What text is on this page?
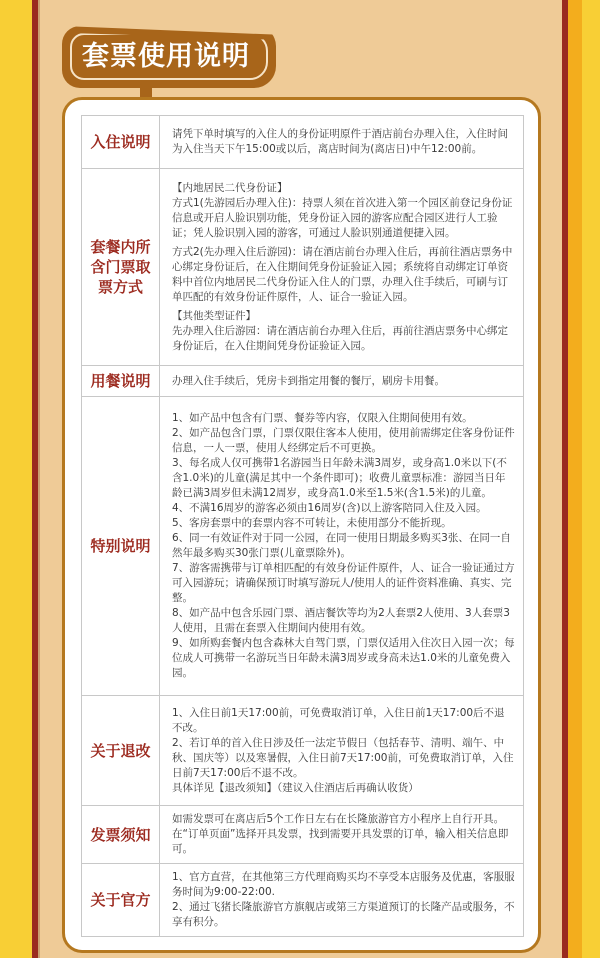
套票使用说明
入住说明	请凭下单时填写的入住人的身份证明原件于酒店前台办理入住，入住时间为入住当天下午15:00或以后，离店时间为(离店日)中午12:00前。

套餐内所含门票取票方式	【内地居民二代身份证】
方式1(先游园后办理入住)：持票人须在首次进入第一个园区前登记身份证信息或开启人脸识别功能，凭身份证入园的游客应配合园区进行人工验证；凭人脸识别入园的游客，可通过人脸识别通道便捷入园。
方式2(先办理入住后游园)：请在酒店前台办理入住后，再前往酒店票务中心绑定身份证后，在入住期间凭身份证验证入园；系统将自动绑定订单资料中首位内地居民二代身份证入住人的门票，办理入住手续后，可刷与订单匹配的有效身份证件原件，人、证合一验证入园。
【其他类型证件】
先办理入住后游园：请在酒店前台办理入住后，再前往酒店票务中心绑定身份证后，在入住期间凭身份证验证入园。

用餐说明	办理入住手续后，凭房卡到指定用餐的餐厅，刷房卡用餐。

特别说明	
1、如产品中包含有门票、餐券等内容，仅限入住期间使用有效。
2、如产品包含门票，门票仅限住客本人使用，使用前需绑定住客身份证件信息，一人一票，使用人经绑定后不可更换。
3、每名成人仅可携带1名游园当日年龄未满3周岁，或身高1.0米以下(不含1.0米)的儿童(满足其中一个条件即可)；收费儿童票标准：游园当日年龄已满3周岁但未满12周岁，或身高1.0米至1.5米(含1.5米)的儿童。
4、不满16周岁的游客必须由16周岁(含)以上游客陪同入住及入园。
5、客房套票中的套票内容不可转让，未使用部分不能折现。
6、同一有效证件对于同一公园，在同一使用日期最多购买3张、在同一自然年最多购买30张门票(儿童票除外)。
7、游客需携带与订单相匹配的有效身份证件原件，人、证合一验证通过方可入园游玩；请确保预订时填写游玩人/使用人的证件资料准确、真实、完整。
8、如产品中包含乐园门票、酒店餐饮等均为2人套票2人使用、3人套票3人使用，且需在套票入住期间内使用有效。
9、如所购套餐内包含森林大自驾门票，门票仅适用入住次日入园一次；每位成人可携带一名游玩当日年龄未满3周岁或身高未达1.0米的儿童免费入园。

关于退改	1、入住日前1天17:00前，可免费取消订单，入住日前1天17:00后不退不改。
2、若订单的首入住日涉及任一法定节假日（包括春节、清明、端午、中秋、国庆等）以及寒暑假，入住日前7天17:00前，可免费取消订单，入住日前7天17:00后不退不改。
具体详见【退改须知】（建议入住酒店后再确认收货）

发票须知	如需发票可在离店后5个工作日左右在长隆旅游官方小程序上自行开具。在“订单页面”选择开具发票，找到需要开具发票的订单，输入相关信息即可。

关于官方	1、官方直营，在其他第三方代理商购买均不享受本店服务及优惠，客服服务时间为9:00-22:00.
2、通过飞猪长隆旅游官方旗舰店或第三方渠道预订的长隆产品或服务，不享有积分。
